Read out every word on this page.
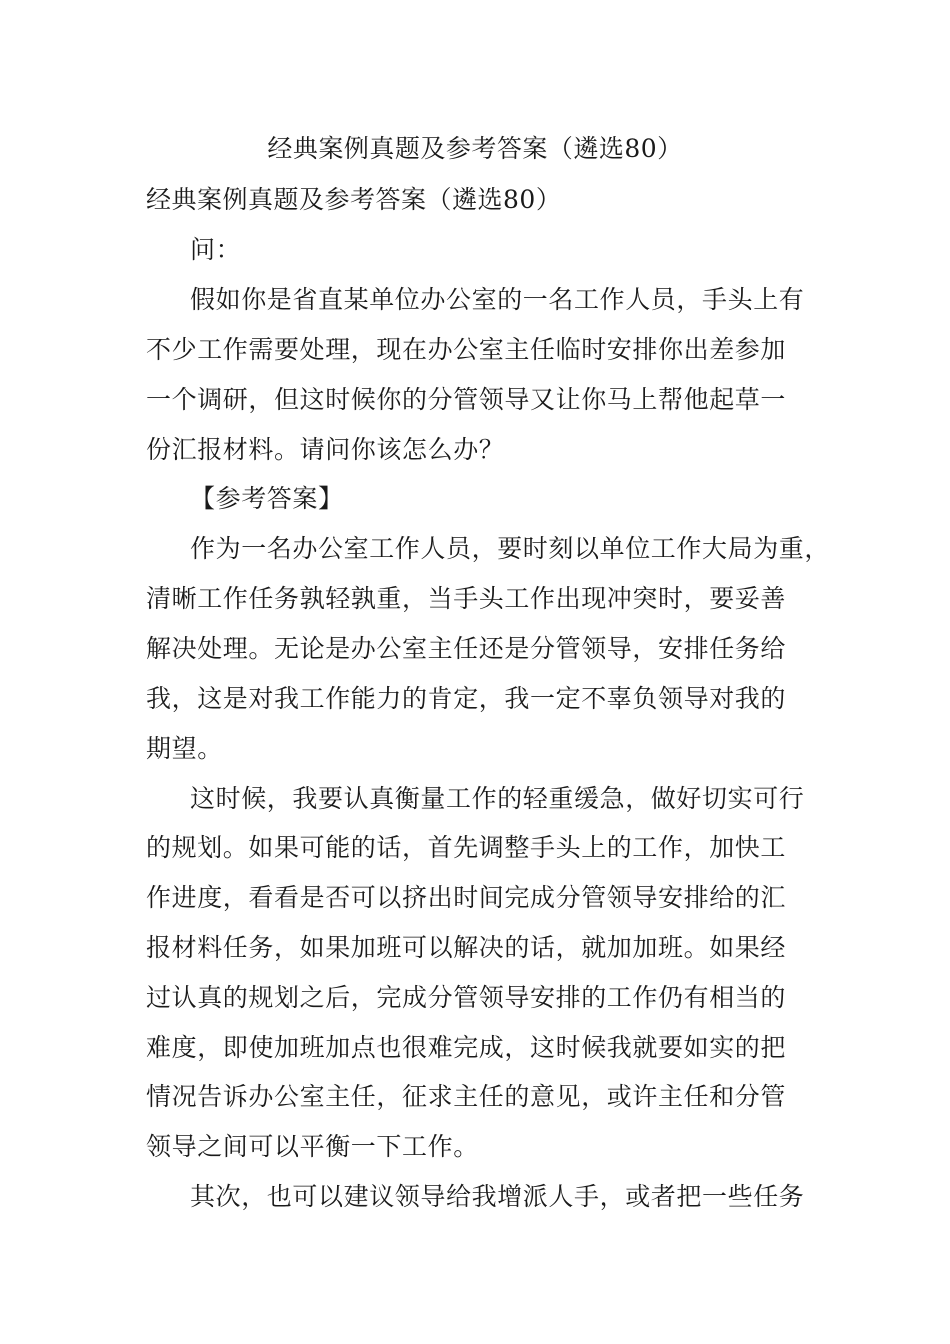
经典案例真题及参考答案（遴选80）
经典案例真题及参考答案（遴选80）
问：
假如你是省直某单位办公室的一名工作人员，手头上有
不少工作需要处理，现在办公室主任临时安排你出差参加
一个调研，但这时候你的分管领导又让你马上帮他起草一
份汇报材料。请问你该怎么办？
【参考答案】
作为一名办公室工作人员，要时刻以单位工作大局为重，
清晰工作任务孰轻孰重，当手头工作出现冲突时，要妥善
解决处理。无论是办公室主任还是分管领导，安排任务给
我，这是对我工作能力的肯定，我一定不辜负领导对我的
期望。
这时候，我要认真衡量工作的轻重缓急，做好切实可行
的规划。如果可能的话，首先调整手头上的工作，加快工
作进度，看看是否可以挤出时间完成分管领导安排给的汇
报材料任务，如果加班可以解决的话，就加加班。如果经
过认真的规划之后，完成分管领导安排的工作仍有相当的
难度，即使加班加点也很难完成，这时候我就要如实的把
情况告诉办公室主任，征求主任的意见，或许主任和分管
领导之间可以平衡一下工作。
其次，也可以建议领导给我增派人手，或者把一些任务
